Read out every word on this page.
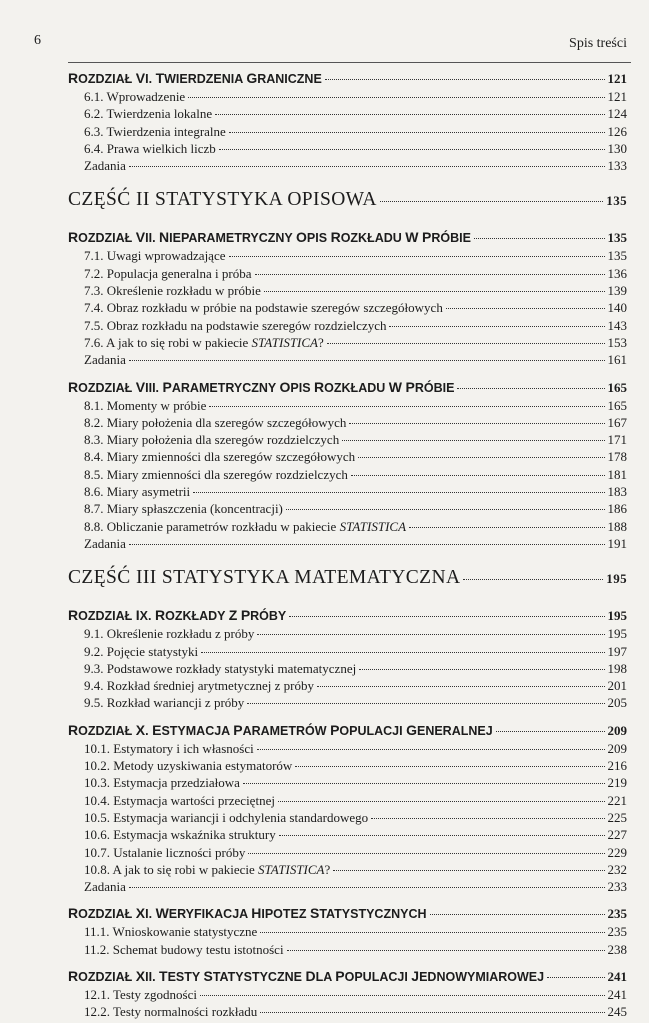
6	Spis treści
ROZDZIAŁ VI. TWIERDZENIA GRANICZNE	121
6.1. Wprowadzenie	121
6.2. Twierdzenia lokalne	124
6.3. Twierdzenia integralne	126
6.4. Prawa wielkich liczb	130
Zadania	133
CZĘŚĆ II STATYSTYKA OPISOWA	135
ROZDZIAŁ VII. NIEPARAMETRYCZNY OPIS ROZKŁADU W PRÓBIE	135
7.1. Uwagi wprowadzające	135
7.2. Populacja generalna i próba	136
7.3. Określenie rozkładu w próbie	139
7.4. Obraz rozkładu w próbie na podstawie szeregów szczegółowych	140
7.5. Obraz rozkładu na podstawie szeregów rozdzielczych	143
7.6. A jak to się robi w pakiecie STATISTICA?	153
Zadania	161
ROZDZIAŁ VIII. PARAMETRYCZNY OPIS ROZKŁADU W PRÓBIE	165
8.1. Momenty w próbie	165
8.2. Miary położenia dla szeregów szczegółowych	167
8.3. Miary położenia dla szeregów rozdzielczych	171
8.4. Miary zmienności dla szeregów szczegółowych	178
8.5. Miary zmienności dla szeregów rozdzielczych	181
8.6. Miary asymetrii	183
8.7. Miary spłaszczenia (koncentracji)	186
8.8. Obliczanie parametrów rozkładu w pakiecie STATISTICA	188
Zadania	191
CZĘŚĆ III STATYSTYKA MATEMATYCZNA	195
ROZDZIAŁ IX. ROZKŁADY Z PRÓBY	195
9.1. Określenie rozkładu z próby	195
9.2. Pojęcie statystyki	197
9.3. Podstawowe rozkłady statystyki matematycznej	198
9.4. Rozkład średniej arytmetycznej z próby	201
9.5. Rozkład wariancji z próby	205
ROZDZIAŁ X. ESTYMACJA PARAMETRÓW POPULACJI GENERALNEJ	209
10.1. Estymatory i ich własności	209
10.2. Metody uzyskiwania estymatorów	216
10.3. Estymacja przedziałowa	219
10.4. Estymacja wartości przeciętnej	221
10.5. Estymacja wariancji i odchylenia standardowego	225
10.6. Estymacja wskaźnika struktury	227
10.7. Ustalanie liczności próby	229
10.8. A jak to się robi w pakiecie STATISTICA?	232
Zadania	233
ROZDZIAŁ XI. WERYFIKACJA HIPOTEZ STATYSTYCZNYCH	235
11.1. Wnioskowanie statystyczne	235
11.2. Schemat budowy testu istotności	238
ROZDZIAŁ XII. TESTY STATYSTYCZNE DLA POPULACJI JEDNOWYMIAROWEJ	241
12.1. Testy zgodności	241
12.2. Testy normalności rozkładu	245
